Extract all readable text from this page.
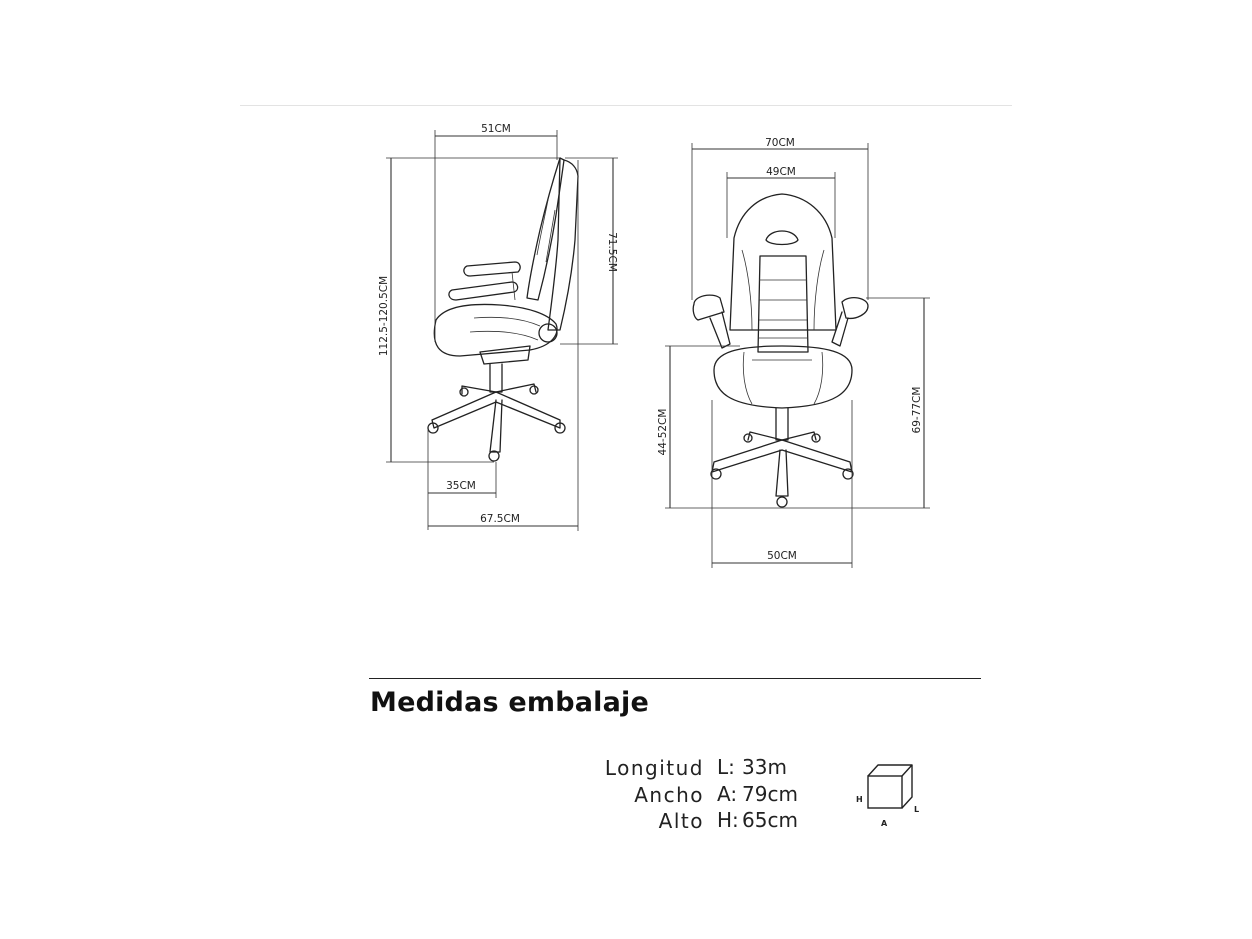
51CM
71.5CM
112.5-120.5CM
35CM
67.5CM
70CM
49CM
44-52CM	69-77CM
50CM
Medidas embalaje
Longitud L: 33m
Ancho A: 79cm
Alto H: 65cm
H
L
A
